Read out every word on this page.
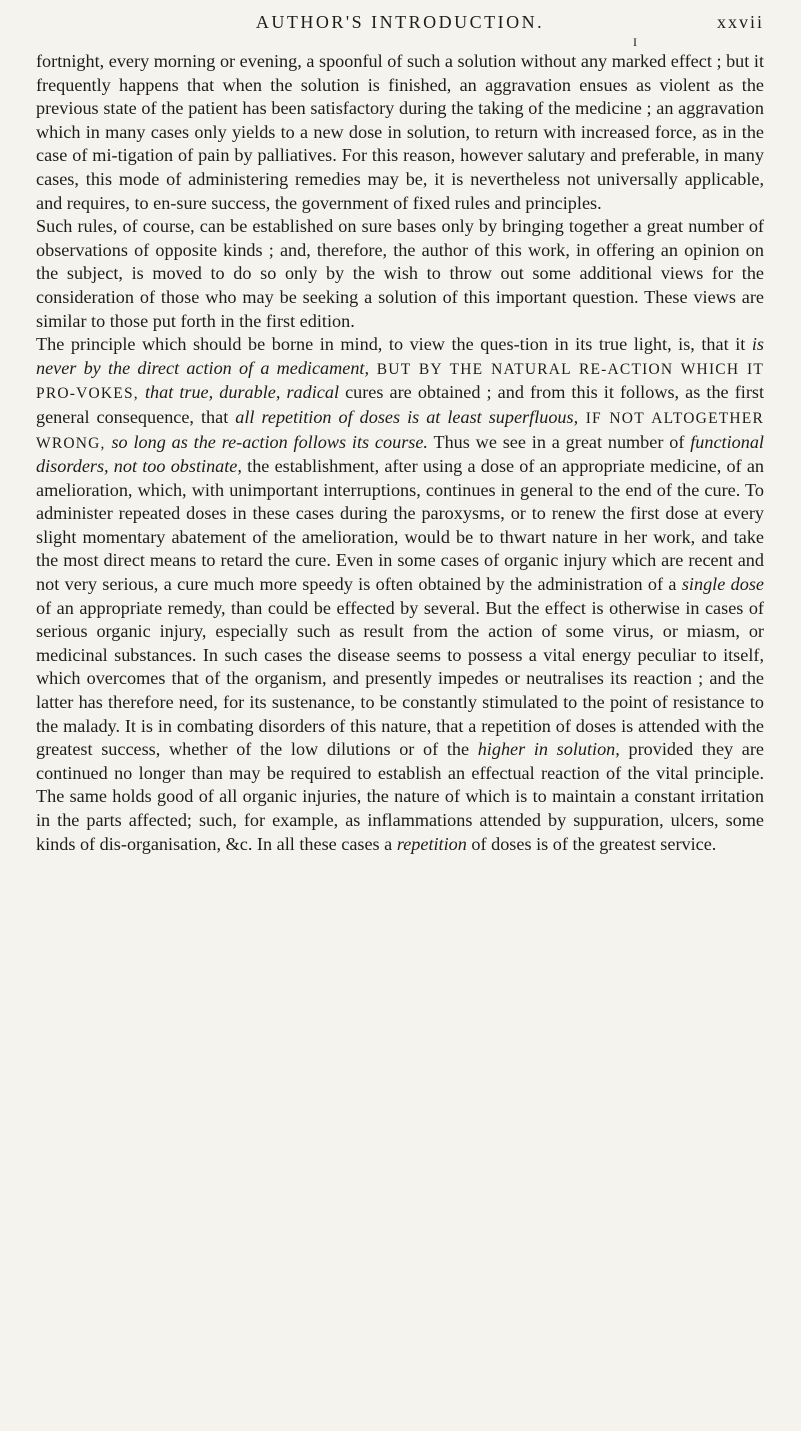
AUTHOR'S INTRODUCTION.	xxvii
I

fortnight, every morning or evening, a spoonful of such a solution without any marked effect ; but it frequently happens that when the solution is finished, an aggravation ensues as violent as the previous state of the patient has been satisfactory during the taking of the medicine ; an aggravation which in many cases only yields to a new dose in solution, to return with increased force, as in the case of mi-tigation of pain by palliatives. For this reason, however salutary and preferable, in many cases, this mode of administering remedies may be, it is nevertheless not universally applicable, and requires, to en-sure success, the government of fixed rules and principles.

Such rules, of course, can be established on sure bases only by bringing together a great number of observations of opposite kinds ; and, therefore, the author of this work, in offering an opinion on the subject, is moved to do so only by the wish to throw out some additional views for the consideration of those who may be seeking a solution of this important question. These views are similar to those put forth in the first edition.

The principle which should be borne in mind, to view the ques-tion in its true light, is, that it is never by the direct action of a medicament, BUT BY THE NATURAL RE-ACTION WHICH IT PRO-VOKES, that true, durable, radical cures are obtained ; and from this it follows, as the first general consequence, that all repetition of doses is at least superfluous, IF NOT ALTOGETHER WRONG, so long as the re-action follows its course. Thus we see in a great number of functional disorders, not too obstinate, the establishment, after using a dose of an appropriate medicine, of an amelioration, which, with unimportant interruptions, continues in general to the end of the cure. To administer repeated doses in these cases during the paroxysms, or to renew the first dose at every slight momentary abatement of the amelioration, would be to thwart nature in her work, and take the most direct means to retard the cure. Even in some cases of organic injury which are recent and not very serious, a cure much more speedy is often obtained by the administration of a single dose of an appropriate remedy, than could be effected by several. But the effect is otherwise in cases of serious organic injury, especially such as result from the action of some virus, or miasm, or medicinal substances. In such cases the disease seems to possess a vital energy peculiar to itself, which overcomes that of the organism, and presently impedes or neutralises its reaction ; and the latter has therefore need, for its sustenance, to be constantly stimulated to the point of resistance to the malady. It is in combating disorders of this nature, that a repetition of doses is attended with the greatest success, whether of the low dilutions or of the higher in solution, provided they are continued no longer than may be required to establish an effectual reaction of the vital principle. The same holds good of all organic injuries, the nature of which is to maintain a constant irritation in the parts affected; such, for example, as inflammations attended by suppuration, ulcers, some kinds of dis-organisation, &c. In all these cases a repetition of doses is of the greatest service.
